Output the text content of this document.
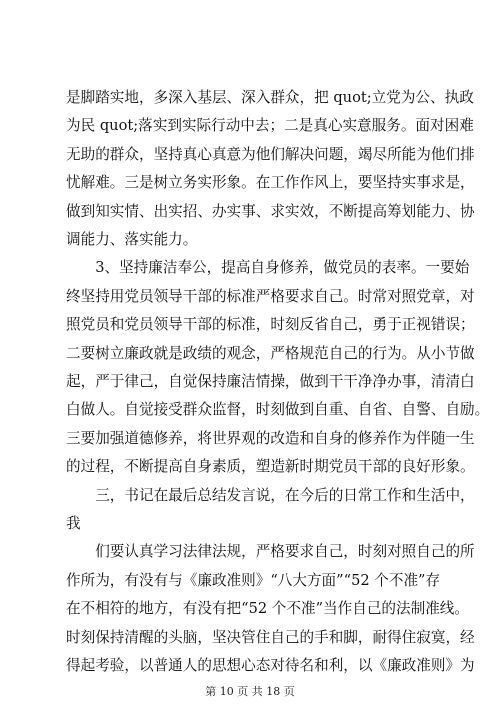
是脚踏实地，多深入基层、深入群众，把 quot;立党为公、执政
为民 quot;落实到实际行动中去；二是真心实意服务。面对困难
无助的群众，坚持真心真意为他们解决问题，竭尽所能为他们排
忧解难。三是树立务实形象。在工作作风上，要坚持实事求是，
做到知实情、出实招、办实事、求实效，不断提高筹划能力、协
调能力、落实能力。
　　3、坚持廉洁奉公，提高自身修养，做党员的表率。一要始
终坚持用党员领导干部的标准严格要求自己。时常对照党章，对
照党员和党员领导干部的标准，时刻反省自己，勇于正视错误；
二要树立廉政就是政绩的观念，严格规范自己的行为。从小节做
起，严于律己，自觉保持廉洁情操，做到干干净净办事，清清白
白做人。自觉接受群众监督，时刻做到自重、自省、自警、自励。
三要加强道德修养，将世界观的改造和自身的修养作为伴随一生
的过程，不断提高自身素质，塑造新时期党员干部的良好形象。
　　三，书记在最后总结发言说，在今后的日常工作和生活中，
我
　　们要认真学习法律法规，严格要求自己，时刻对照自己的所
作所为，有没有与《廉政准则》“八大方面”“52 个不准”存
在不相符的地方，有没有把“52 个不准”当作自己的法制准线。
时刻保持清醒的头脑，坚决管住自己的手和脚，耐得住寂寞，经
得起考验，以普通人的思想心态对待名和利，以《廉政准则》为
第 10 页 共 18 页
